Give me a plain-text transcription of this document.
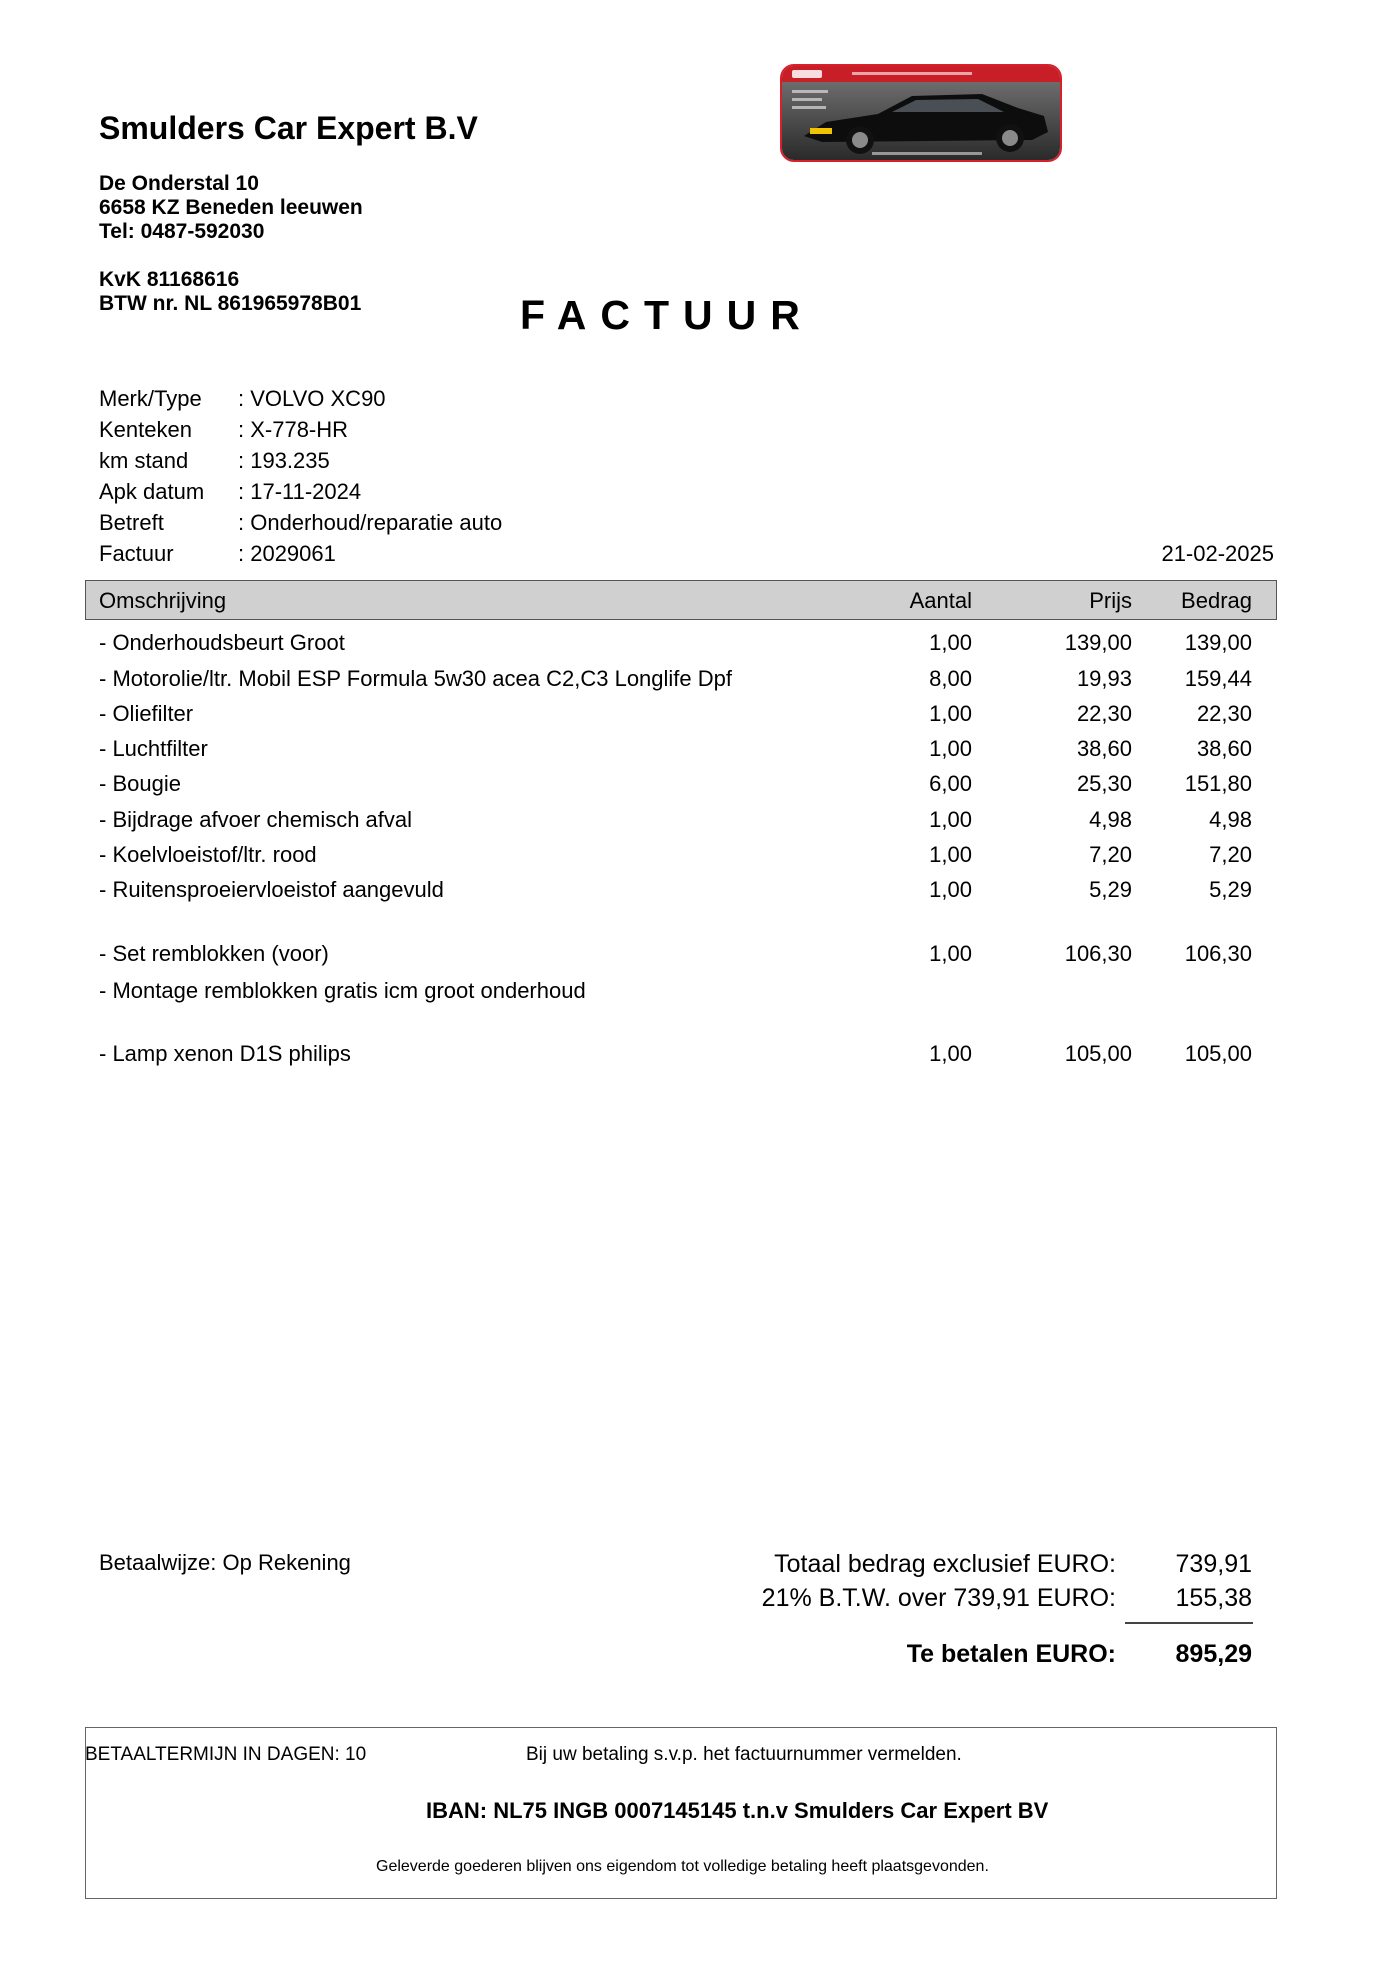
Smulders Car Expert B.V
De Onderstal 10
6658 KZ Beneden leeuwen
Tel: 0487-592030
KvK 81168616
BTW nr. NL 861965978B01	FACTUUR
Merk/Type : VOLVO XC90
Kenteken : X-778-HR
km stand : 193.235
Apk datum : 17-11-2024
Betreft	: Onderhoud/reparatie auto
Factuur	: 2029061	21-02-2025
Omschrijving	Aantal	Prijs	Bedrag
- Onderhoudsbeurt Groot	1,00	139,00	139,00
- Motorolie/ltr. Mobil ESP Formula 5w30 acea C2,C3 Longlife Dpf	8,00	19,93	159,44
- Oliefilter	1,00	22,30	22,30
- Luchtfilter	1,00	38,60	38,60
- Bougie	6,00	25,30	151,80
- Bijdrage afvoer chemisch afval	1,00	4,98	4,98
- Koelvloeistof/ltr. rood	1,00	7,20	7,20
- Ruitensproeiervloeistof aangevuld	1,00	5,29	5,29
- Set remblokken (voor)	1,00	106,30	106,30
- Montage remblokken gratis icm groot onderhoud
- Lamp xenon D1S philips	1,00	105,00	105,00
Betaalwijze: Op Rekening	Totaal bedrag exclusief EURO:	739,91
21% B.T.W. over 739,91 EURO:	155,38
Te betalen EURO:	895,29
BETAALTERMIJN IN DAGEN: 10	Bij uw betaling s.v.p. het factuurnummer vermelden.
IBAN: NL75 INGB 0007145145 t.n.v Smulders Car Expert BV
Geleverde goederen blijven ons eigendom tot volledige betaling heeft plaatsgevonden.
